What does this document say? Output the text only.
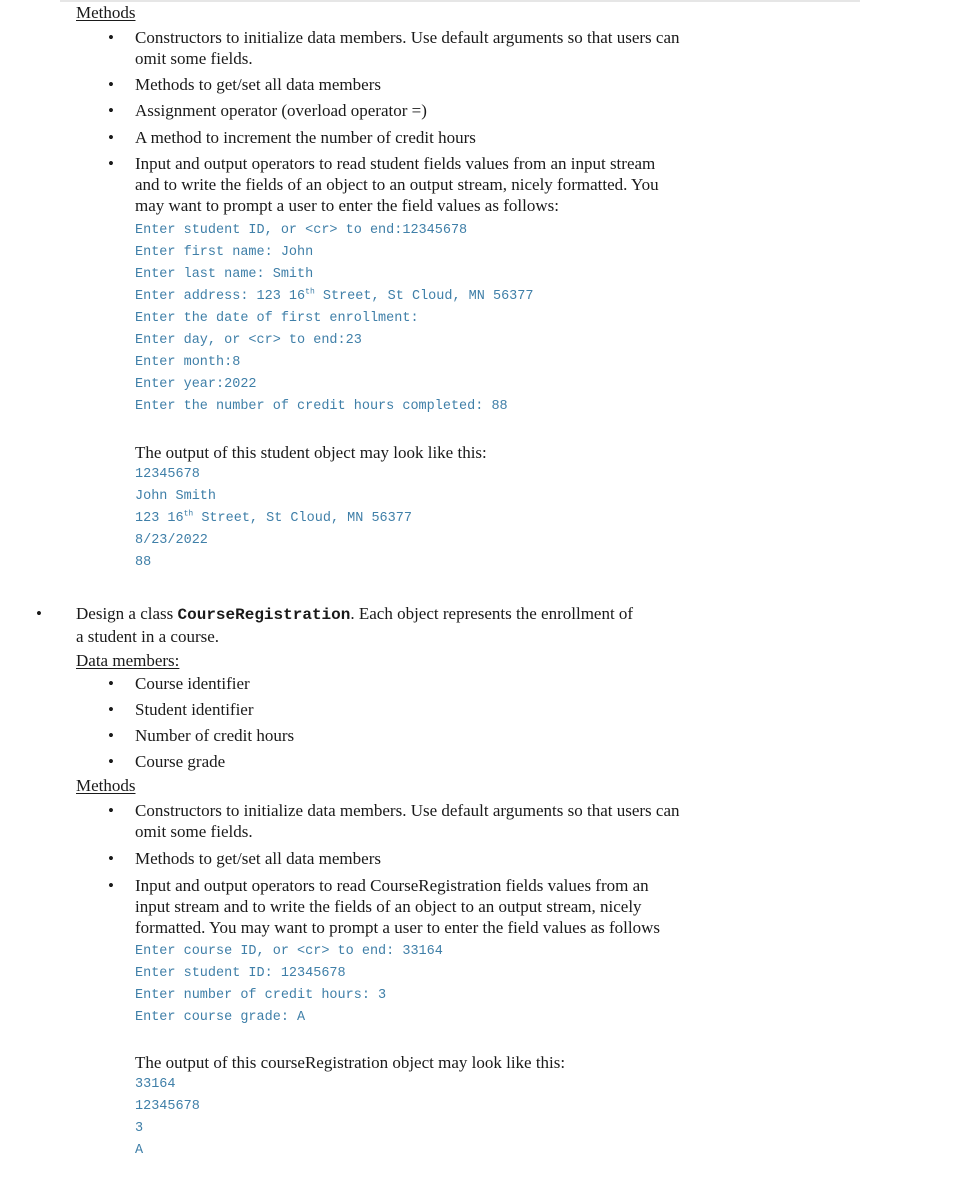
Methods
• Constructors to initialize data members. Use default arguments so that users can
omit some fields.
• Methods to get/set all data members
• Assignment operator (overload operator =)
• A method to increment the number of credit hours
• Input and output operators to read student fields values from an input stream
and to write the fields of an object to an output stream, nicely formatted. You
may want to prompt a user to enter the field values as follows:
Enter student ID, or <cr> to end:12345678
Enter first name: John
Enter last name: Smith
Enter address: 123 16th Street, St Cloud, MN 56377
Enter the date of first enrollment:
Enter day, or <cr> to end:23
Enter month:8
Enter year:2022
Enter the number of credit hours completed: 88
The output of this student object may look like this:
12345678
John Smith
123 16th Street, St Cloud, MN 56377
8/23/2022
88
• Design a class CourseRegistration. Each object represents the enrollment of
a student in a course.
Data members:
• Course identifier
• Student identifier
• Number of credit hours
• Course grade
Methods
• Constructors to initialize data members. Use default arguments so that users can
omit some fields.
• Methods to get/set all data members
• Input and output operators to read CourseRegistration fields values from an
input stream and to write the fields of an object to an output stream, nicely
formatted. You may want to prompt a user to enter the field values as follows
Enter course ID, or <cr> to end: 33164
Enter student ID: 12345678
Enter number of credit hours: 3
Enter course grade: A
The output of this courseRegistration object may look like this:
33164
12345678
3
A
